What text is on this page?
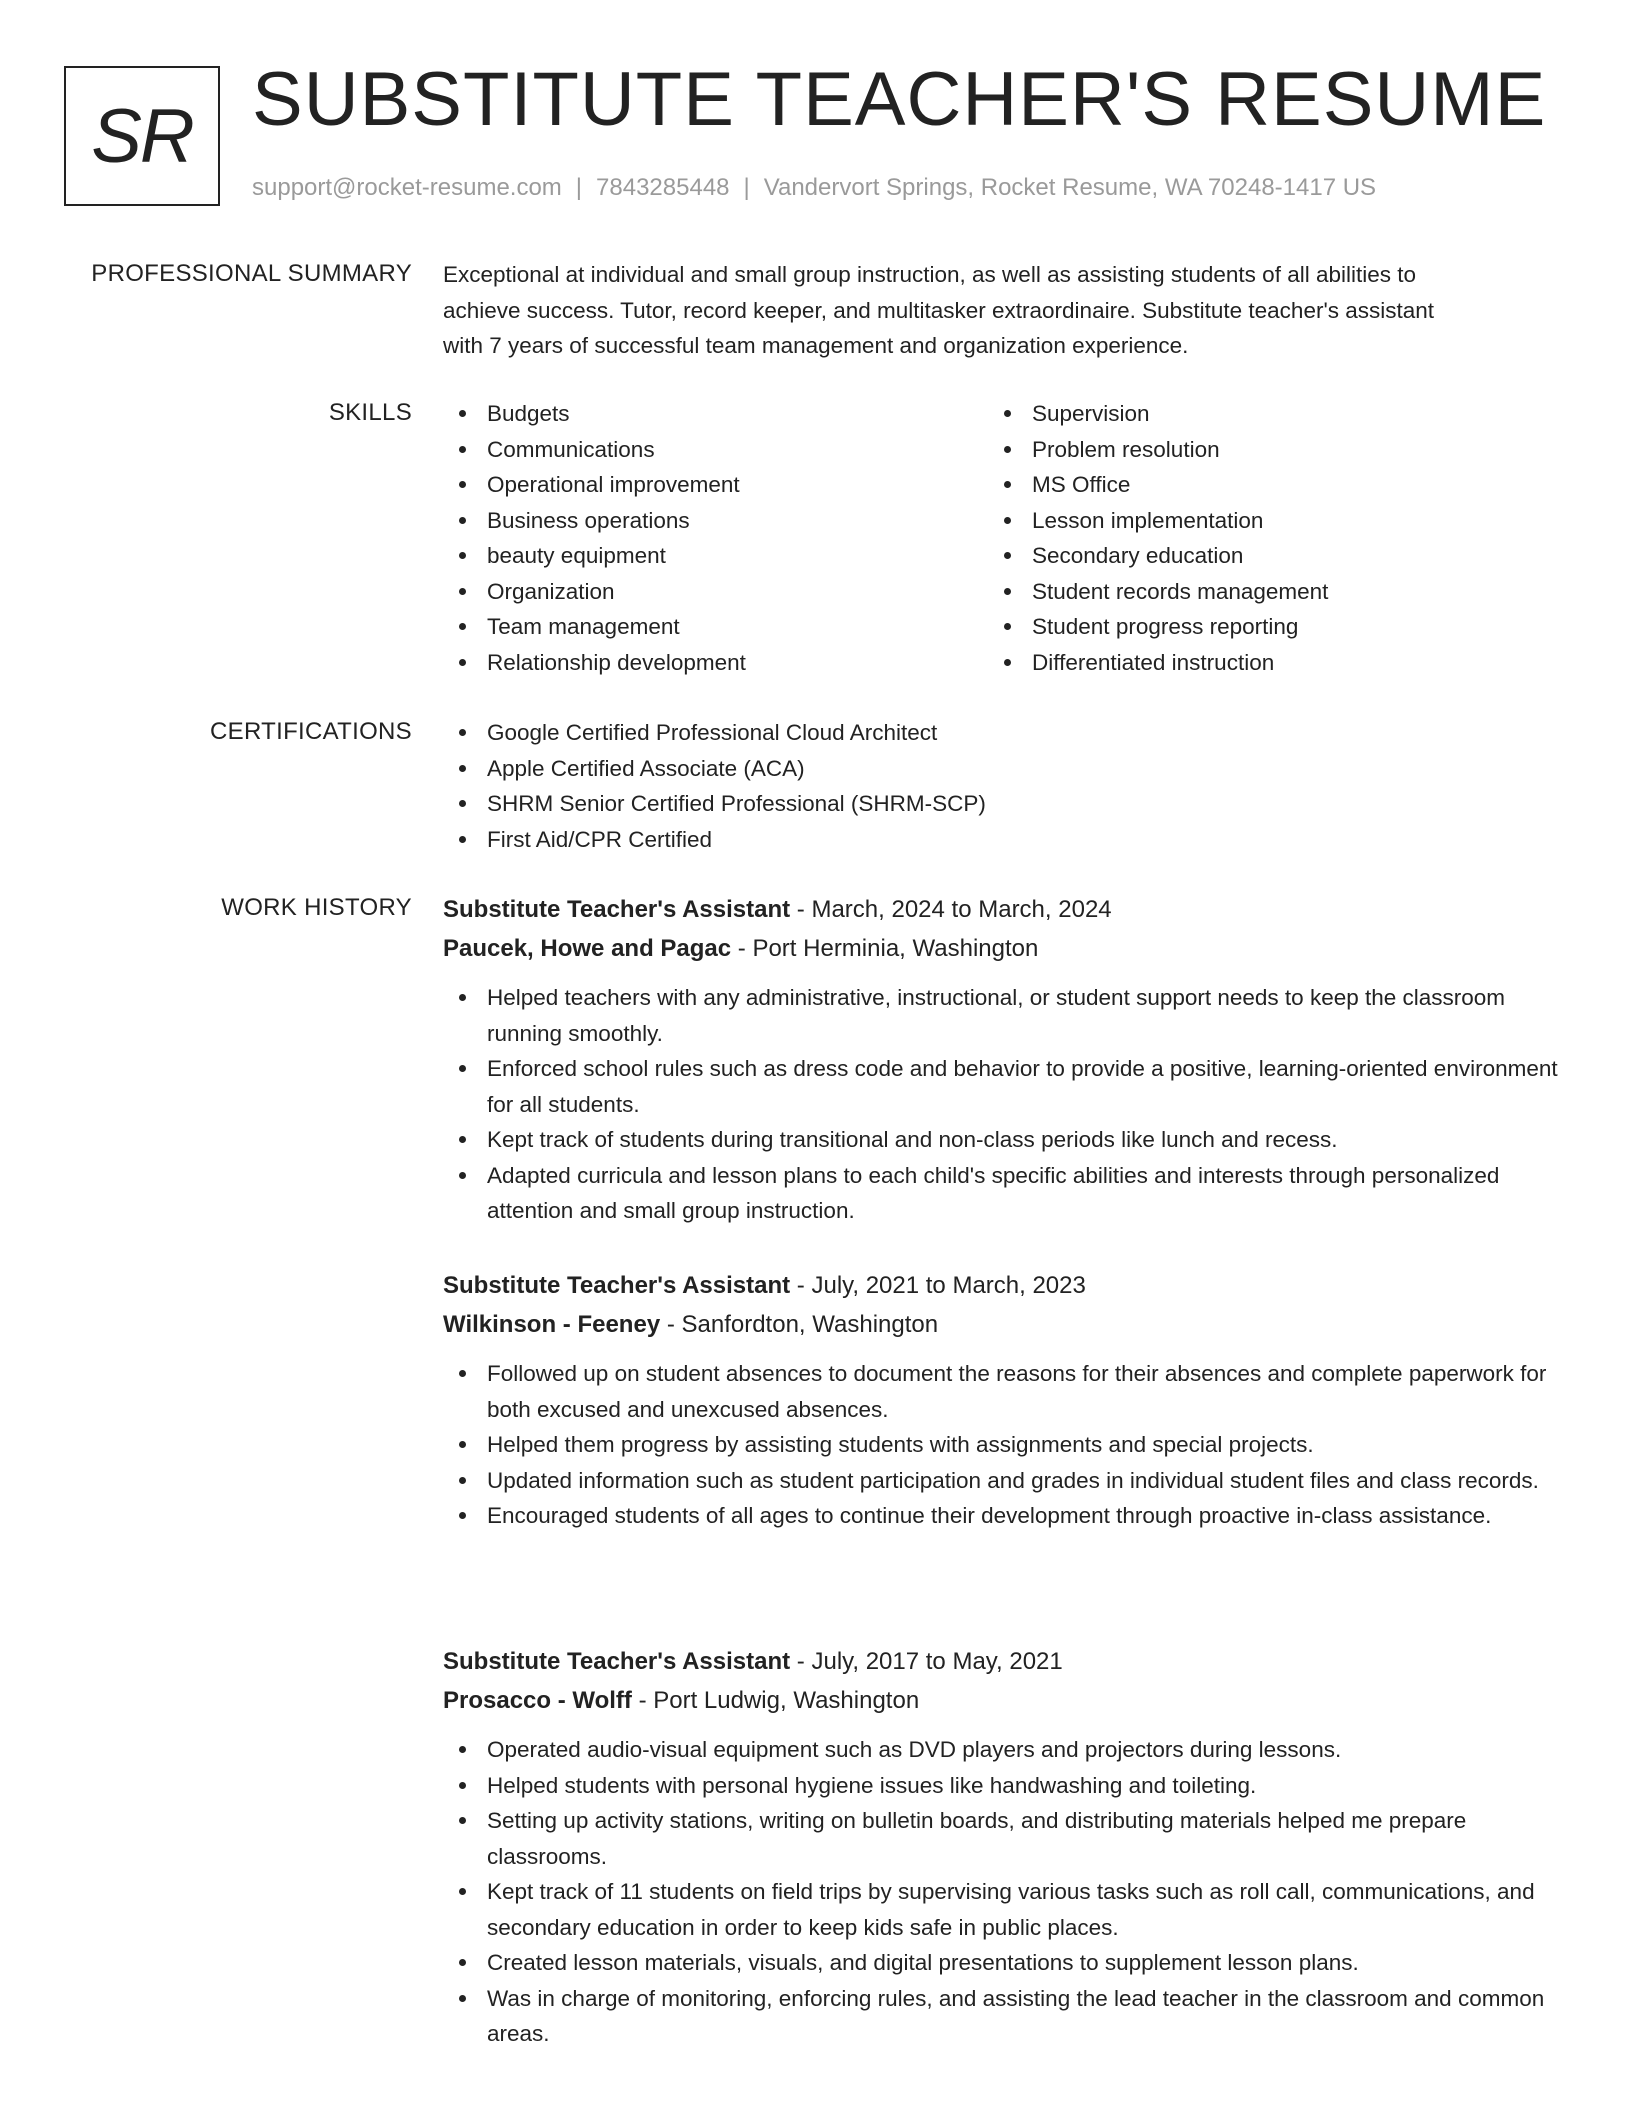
SR SUBSTITUTE TEACHER'S RESUME
support@rocket-resume.com | 7843285448 | Vandervort Springs, Rocket Resume, WA 70248-1417 US
PROFESSIONAL SUMMARY Exceptional at individual and small group instruction, as well as assisting students of all abilities to
achieve success. Tutor, record keeper, and multitasker extraordinaire. Substitute teacher's assistant
with 7 years of successful team management and organization experience.
SKILLS	Budgets
Communications
Operational improvement
Business operations
beauty equipment
Organization
Team management
Relationship development
Supervision
Problem resolution
MS Office
Lesson implementation
Secondary education
Student records management
Student progress reporting
Differentiated instruction
CERTIFICATIONS	Google Certified Professional Cloud Architect
Apple Certified Associate (ACA)
SHRM Senior Certified Professional (SHRM-SCP)
First Aid/CPR Certified
WORK HISTORY Substitute Teacher's Assistant - March, 2024 to March, 2024
Paucek, Howe and Pagac - Port Herminia, Washington
Helped teachers with any administrative, instructional, or student support needs to keep the classroom running smoothly.
Enforced school rules such as dress code and behavior to provide a positive, learning-oriented environment for all students.
Kept track of students during transitional and non-class periods like lunch and recess.
Adapted curricula and lesson plans to each child's specific abilities and interests through personalized attention and small group instruction.
Substitute Teacher's Assistant - July, 2021 to March, 2023
Wilkinson - Feeney - Sanfordton, Washington
Followed up on student absences to document the reasons for their absences and complete paperwork for both excused and unexcused absences.
Helped them progress by assisting students with assignments and special projects.
Updated information such as student participation and grades in individual student files and class records.
Encouraged students of all ages to continue their development through proactive in-class assistance.
Substitute Teacher's Assistant - July, 2017 to May, 2021
Prosacco - Wolff - Port Ludwig, Washington
Operated audio-visual equipment such as DVD players and projectors during lessons.
Helped students with personal hygiene issues like handwashing and toileting.
Setting up activity stations, writing on bulletin boards, and distributing materials helped me prepare classrooms.
Kept track of 11 students on field trips by supervising various tasks such as roll call, communications, and secondary education in order to keep kids safe in public places.
Created lesson materials, visuals, and digital presentations to supplement lesson plans.
Was in charge of monitoring, enforcing rules, and assisting the lead teacher in the classroom and common areas.
